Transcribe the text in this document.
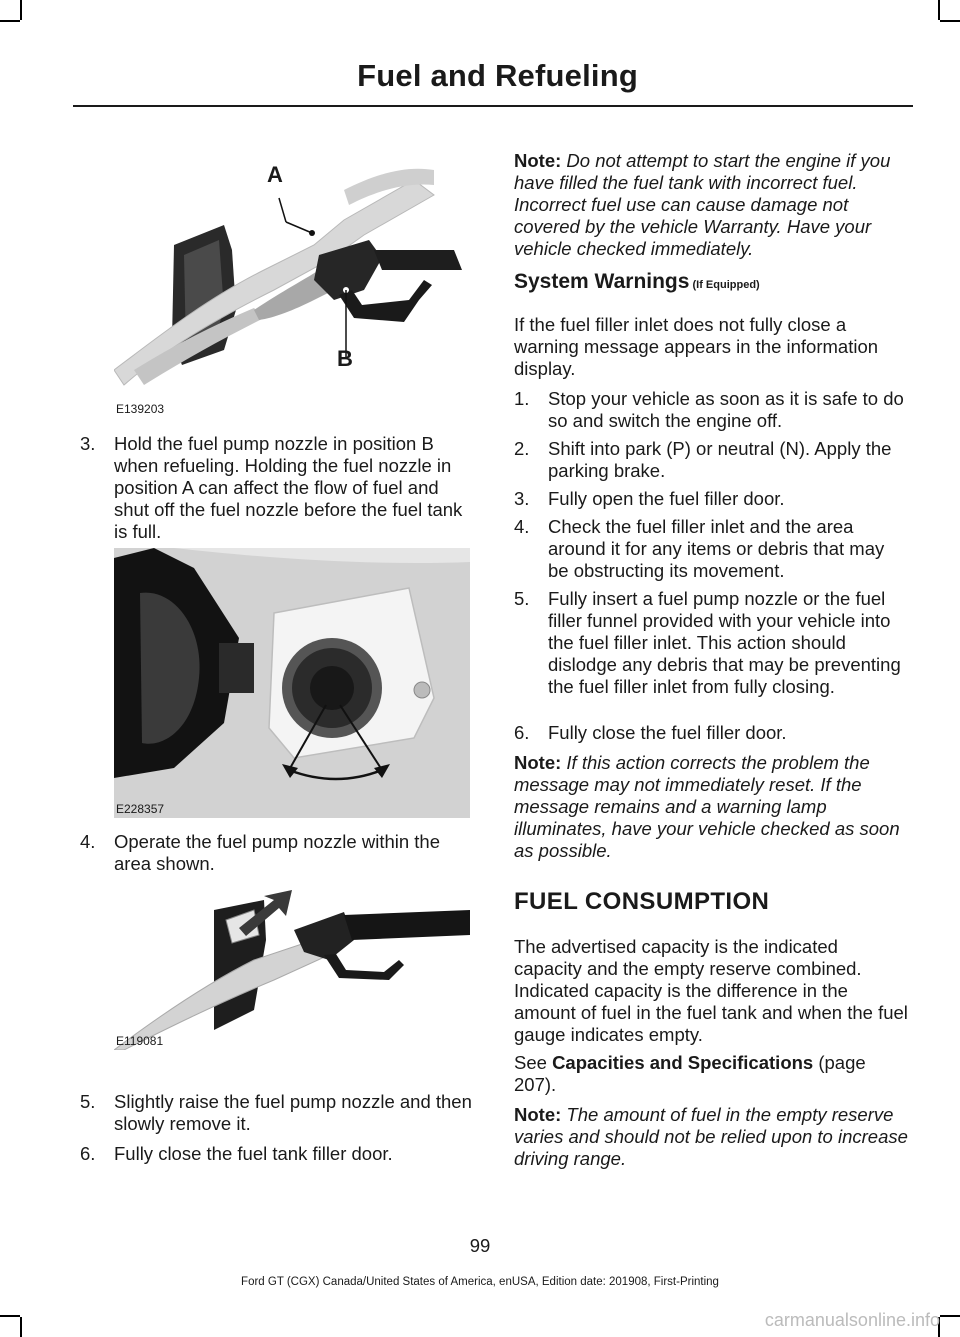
Fuel and Refueling
A
B
E139203
3.	Hold the fuel pump nozzle in position B when refueling. Holding the fuel nozzle in position A can affect the flow of fuel and shut off the fuel nozzle before the fuel tank is full.
E228357
4.	Operate the fuel pump nozzle within the area shown.
E119081
5.	Slightly raise the fuel pump nozzle and then slowly remove it.
6.	Fully close the fuel tank filler door.
Note: Do not attempt to start the engine if you have filled the fuel tank with incorrect fuel. Incorrect fuel use can cause damage not covered by the vehicle Warranty. Have your vehicle checked immediately.
System Warnings (If Equipped)
If the fuel filler inlet does not fully close a warning message appears in the information display.
1.	Stop your vehicle as soon as it is safe to do so and switch the engine off.
2.	Shift into park (P) or neutral (N). Apply the parking brake.
3.	Fully open the fuel filler door.
4.	Check the fuel filler inlet and the area around it for any items or debris that may be obstructing its movement.
5.	Fully insert a fuel pump nozzle or the fuel filler funnel provided with your vehicle into the fuel filler inlet. This action should dislodge any debris that may be preventing the fuel filler inlet from fully closing.
6.	Fully close the fuel filler door.
Note: If this action corrects the problem the message may not immediately reset. If the message remains and a warning lamp illuminates, have your vehicle checked as soon as possible.
FUEL CONSUMPTION
The advertised capacity is the indicated capacity and the empty reserve combined. Indicated capacity is the difference in the amount of fuel in the fuel tank and when the fuel gauge indicates empty.
See Capacities and Specifications (page 207).
Note: The amount of fuel in the empty reserve varies and should not be relied upon to increase driving range.
99
Ford GT (CGX) Canada/United States of America, enUSA, Edition date: 201908, First-Printing
carmanualsonline.info
